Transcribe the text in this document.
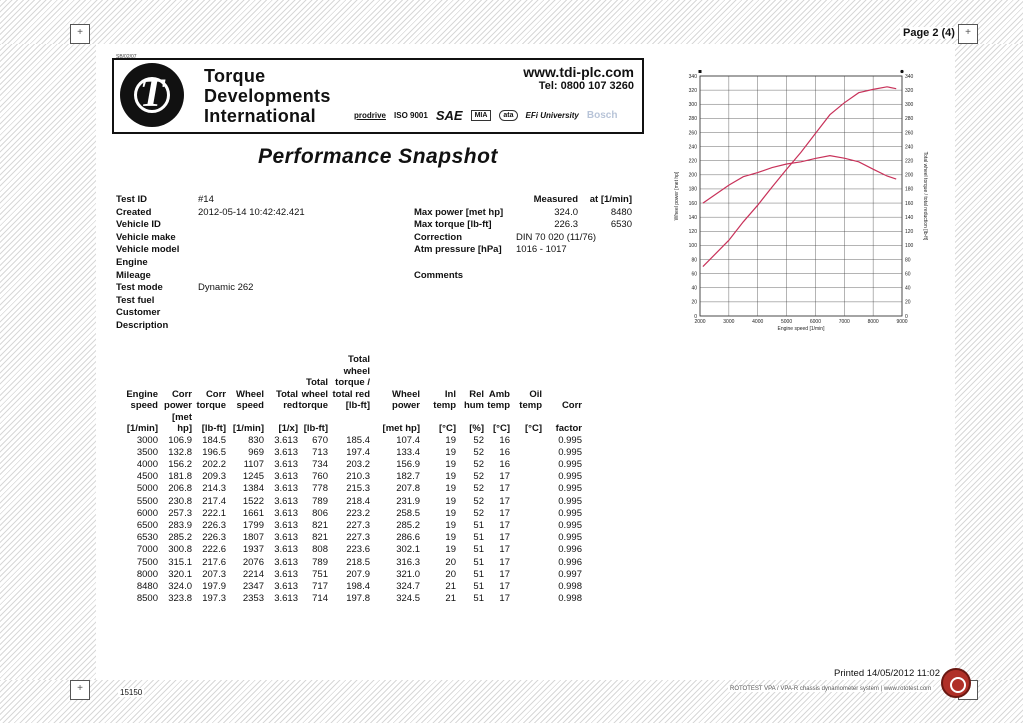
+	+
+
Page 2 (4)
SB/02/07
T	Torque
Developments
International
www.tdi-plc.com
Tel: 0800 107 3260
prodrive ISO 9001 SAE	MIA	ata	EFi University Bosch
Performance Snapshot
Test ID	#14
Created	2012-05-14 10:42:42.421
Vehicle ID
Vehicle make
Vehicle model
Engine
Mileage
Test mode	Dynamic 262
Test fuel
Customer
Description
Measured	at [1/min]
Max power [met hp]	324.0	8480
Max torque [lb-ft]	226.3	6530
Correction	DIN 70 020 (11/76)
Atm pressure [hPa]	1016 - 1017
Comments
						Total						
						wheel						
					Total	torque /						
Engine	Corr	Corr	Wheel	Total	wheel	total red	Wheel	Inl	Rel	Amb	Oil	
speed	power	torque	speed	red	torque	[lb-ft]	power	temp	hum	temp	temp	Corr
[1/min]	[met hp]	[lb-ft]	[1/min]	[1/x]	[lb-ft]		[met hp]	[°C]	[%]	[°C]	[°C]	factor
3000	106.9	184.5	830	3.613	670	185.4	107.4	19	52	16		0.995
3500	132.8	196.5	969	3.613	713	197.4	133.4	19	52	16		0.995
4000	156.2	202.2	1107	3.613	734	203.2	156.9	19	52	16		0.995
4500	181.8	209.3	1245	3.613	760	210.3	182.7	19	52	17		0.995
5000	206.8	214.3	1384	3.613	778	215.3	207.8	19	52	17		0.995
5500	230.8	217.4	1522	3.613	789	218.4	231.9	19	52	17		0.995
6000	257.3	222.1	1661	3.613	806	223.2	258.5	19	52	17		0.995
6500	283.9	226.3	1799	3.613	821	227.3	285.2	19	51	17		0.995
6530	285.2	226.3	1807	3.613	821	227.3	286.6	19	51	17		0.995
7000	300.8	222.6	1937	3.613	808	223.6	302.1	19	51	17		0.996
7500	315.1	217.6	2076	3.613	789	218.5	316.3	20	51	17		0.996
8000	320.1	207.3	2214	3.613	751	207.9	321.0	20	51	17		0.997
8480	324.0	197.9	2347	3.613	717	198.4	324.7	21	51	17		0.998
8500	323.8	197.3	2353	3.613	714	197.8	324.5	21	51	17		0.998
0	0
20	20
40	40
60	60
80	80
100	100
120	120
140	140
160	160
180	180
200	200
220	220
240	240
260	260
280	280
300	300
320	320
340	340
2000	3000	4000	5000	6000	7000	8000	9000
Engine speed [1/min]
Wheel power [met hp]	Total wheel torque / total reduction [lb-ft]
Printed 14/05/2012 11:02
15150	ROTOTEST VPA / VPA-R chassis dynamometer system | www.rototest.com
